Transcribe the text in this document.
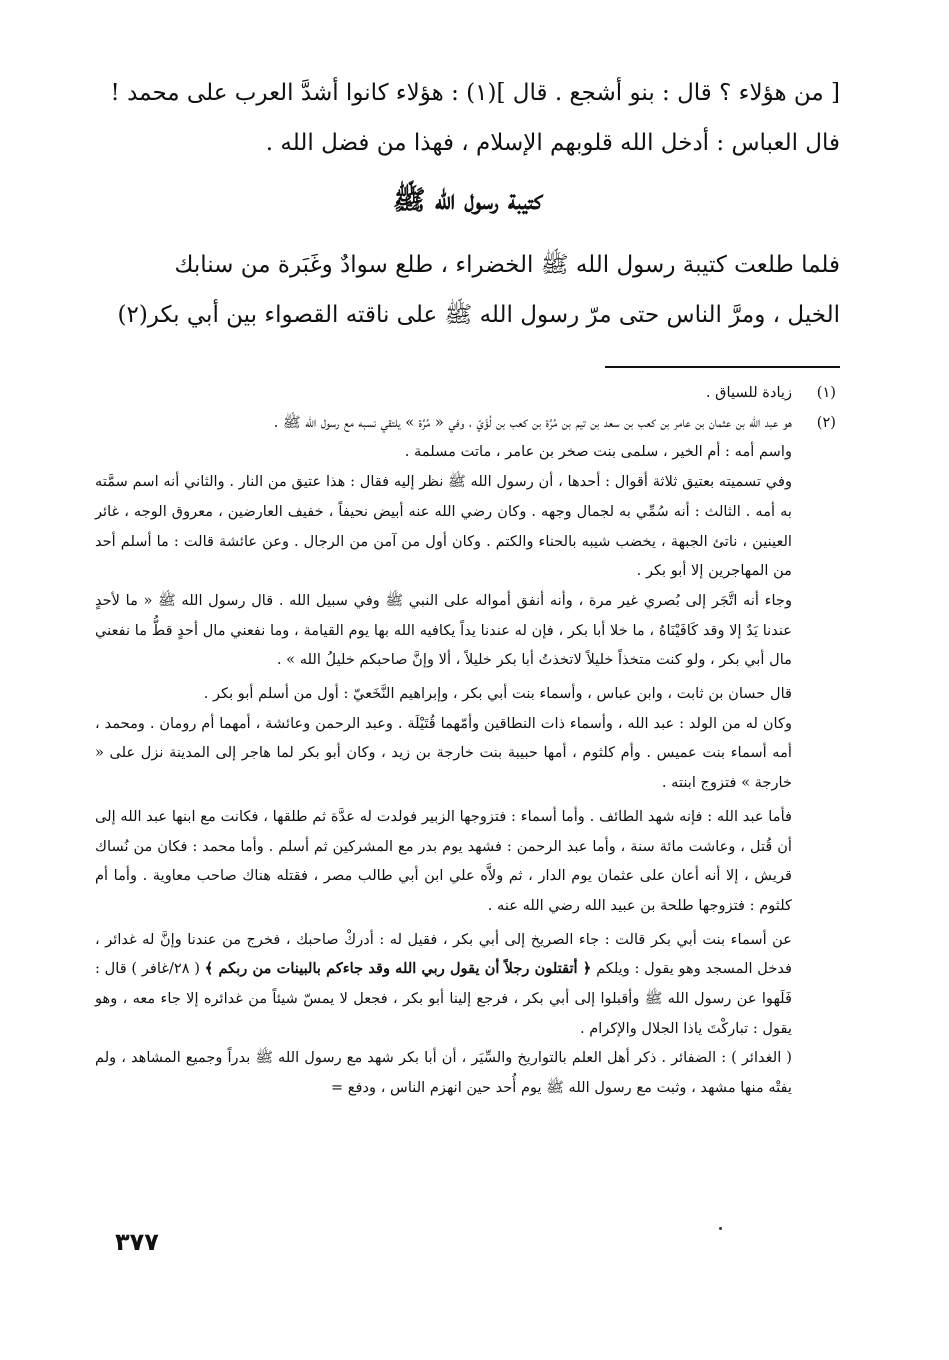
[ من هؤلاء ؟ قال : بنو أشجع . قال ](١) : هؤلاء كانوا أشدَّ العرب على محمد !
فال العباس : أدخل الله قلوبهم الإسلام ، فهذا من فضل الله .

كتيبة رسول الله ﷺ

فلما طلعت كتيبة رسول الله ﷺ الخضراء ، طلع سوادٌ وغَبَرة من سنابك
الخيل ، ومرَّ الناس حتى مرّ رسول الله ﷺ على ناقته القصواء بين أبي بكر(٢)

(١)

زيادة للسياق .

(٢)

هو عبد الله بن عثمان بن عامر بن كعب بن سعد بن تيم بن مُرَّة بن كعب بن لُؤَيّ ، وفي « مُرَّة » يلتقي نسبه مع رسول الله ﷺ .

واسم أمه : أم الخير ، سلمى بنت صخر بن عامر ، ماتت مسلمة .

وفي تسميته بعتيق ثلاثة أقوال : أحدها ، أن رسول الله ﷺ نظر إليه فقال : هذا عتيق من النار . والثاني أنه اسم سمَّته به أمه . الثالث : أنه سُمِّي به لجمال وجهه . وكان رضي الله عنه أبيض نحيفاً ، خفيف العارضين ، معروق الوجه ، غائر العينين ، ناتئ الجبهة ، يخضب شيبه بالحناء والكتم . وكان أول من آمن من الرجال . وعن عائشة قالت : ما أسلم أحد من المهاجرين إلا أبو بكر .

وجاء أنه اتَّجَر إلى بُصري غير مرة ، وأنه أنفق أمواله على النبي ﷺ وفي سبيل الله . قال رسول الله ﷺ « ما لأحدٍ عندنا يَدٌ إلا وقد كَافَيْنَاهُ ، ما خلا أبا بكر ، فإن له عندنا يداً يكافيه الله بها يوم القيامة ، وما نفعني مال أحدٍ قطُّ ما نفعني مال أبي بكر ، ولو كنت متخذاً خليلاً لاتخذتُ أبا بكر خليلاً ، ألا وإنَّ صاحبكم خليلُ الله » .

قال حسان بن ثابت ، وابن عباس ، وأسماء بنت أبي بكر ، وإبراهيم النَّخَعيّ : أول من أسلم أبو بكر .

وكان له من الولد : عبد الله ، وأسماء ذات النطاقين وأمّهما قُتَيْلَة . وعبد الرحمن وعائشة ، أمهما أم رومان . ومحمد ، أمه أسماء بنت عميس . وأم كلثوم ، أمها حبيبة بنت خارجة بن زيد ، وكان أبو بكر لما هاجر إلى المدينة نزل على « خارجة » فتزوج ابنته .

فأما عبد الله : فإنه شهد الطائف . وأما أسماء : فتزوجها الزبير فولدت له عدَّة ثم طلقها ، فكانت مع ابنها عبد الله إلى أن قُتل ، وعاشت مائة سنة ، وأما عبد الرحمن : فشهد يوم بدر مع المشركين ثم أسلم . وأما محمد : فكان من نُساك قريش ، إلا أنه أعان على عثمان يوم الدار ، ثم ولاَّه علي ابن أبي طالب مصر ، فقتله هناك صاحب معاوية . وأما أم كلثوم : فتزوجها طلحة بن عبيد الله رضي الله عنه .

عن أسماء بنت أبي بكر قالت : جاء الصريخ إلى أبي بكر ، فقيل له : أدركْ صاحبك ، فخرج من عندنا وإنَّ له غدائر ، فدخل المسجد وهو يقول : ويلكم ﴿ أتقتلون رجلاً أن يقول ربي الله وقد جاءكم بالبينات من ربكم ﴾ ( ٢٨/غافر ) قال : فَلَهوا عن رسول الله ﷺ وأقبلوا إلى أبي بكر ، فرجع إلينا أبو بكر ، فجعل لا يمسّ شيئاً من غدائره إلا جاء معه ، وهو يقول : تباركْتَ ياذا الجلال والإكرام .

( الغدائر ) : الضفائر . ذكر أهل العلم بالتواريخ والسِّيَر ، أن أبا بكر شهد مع رسول الله ﷺ بدراً وجميع المشاهد ، ولم يفتْه منها مشهد ، وثبت مع رسول الله ﷺ يوم أُحد حين انهزم الناس ، ودفع =

٣٧٧
